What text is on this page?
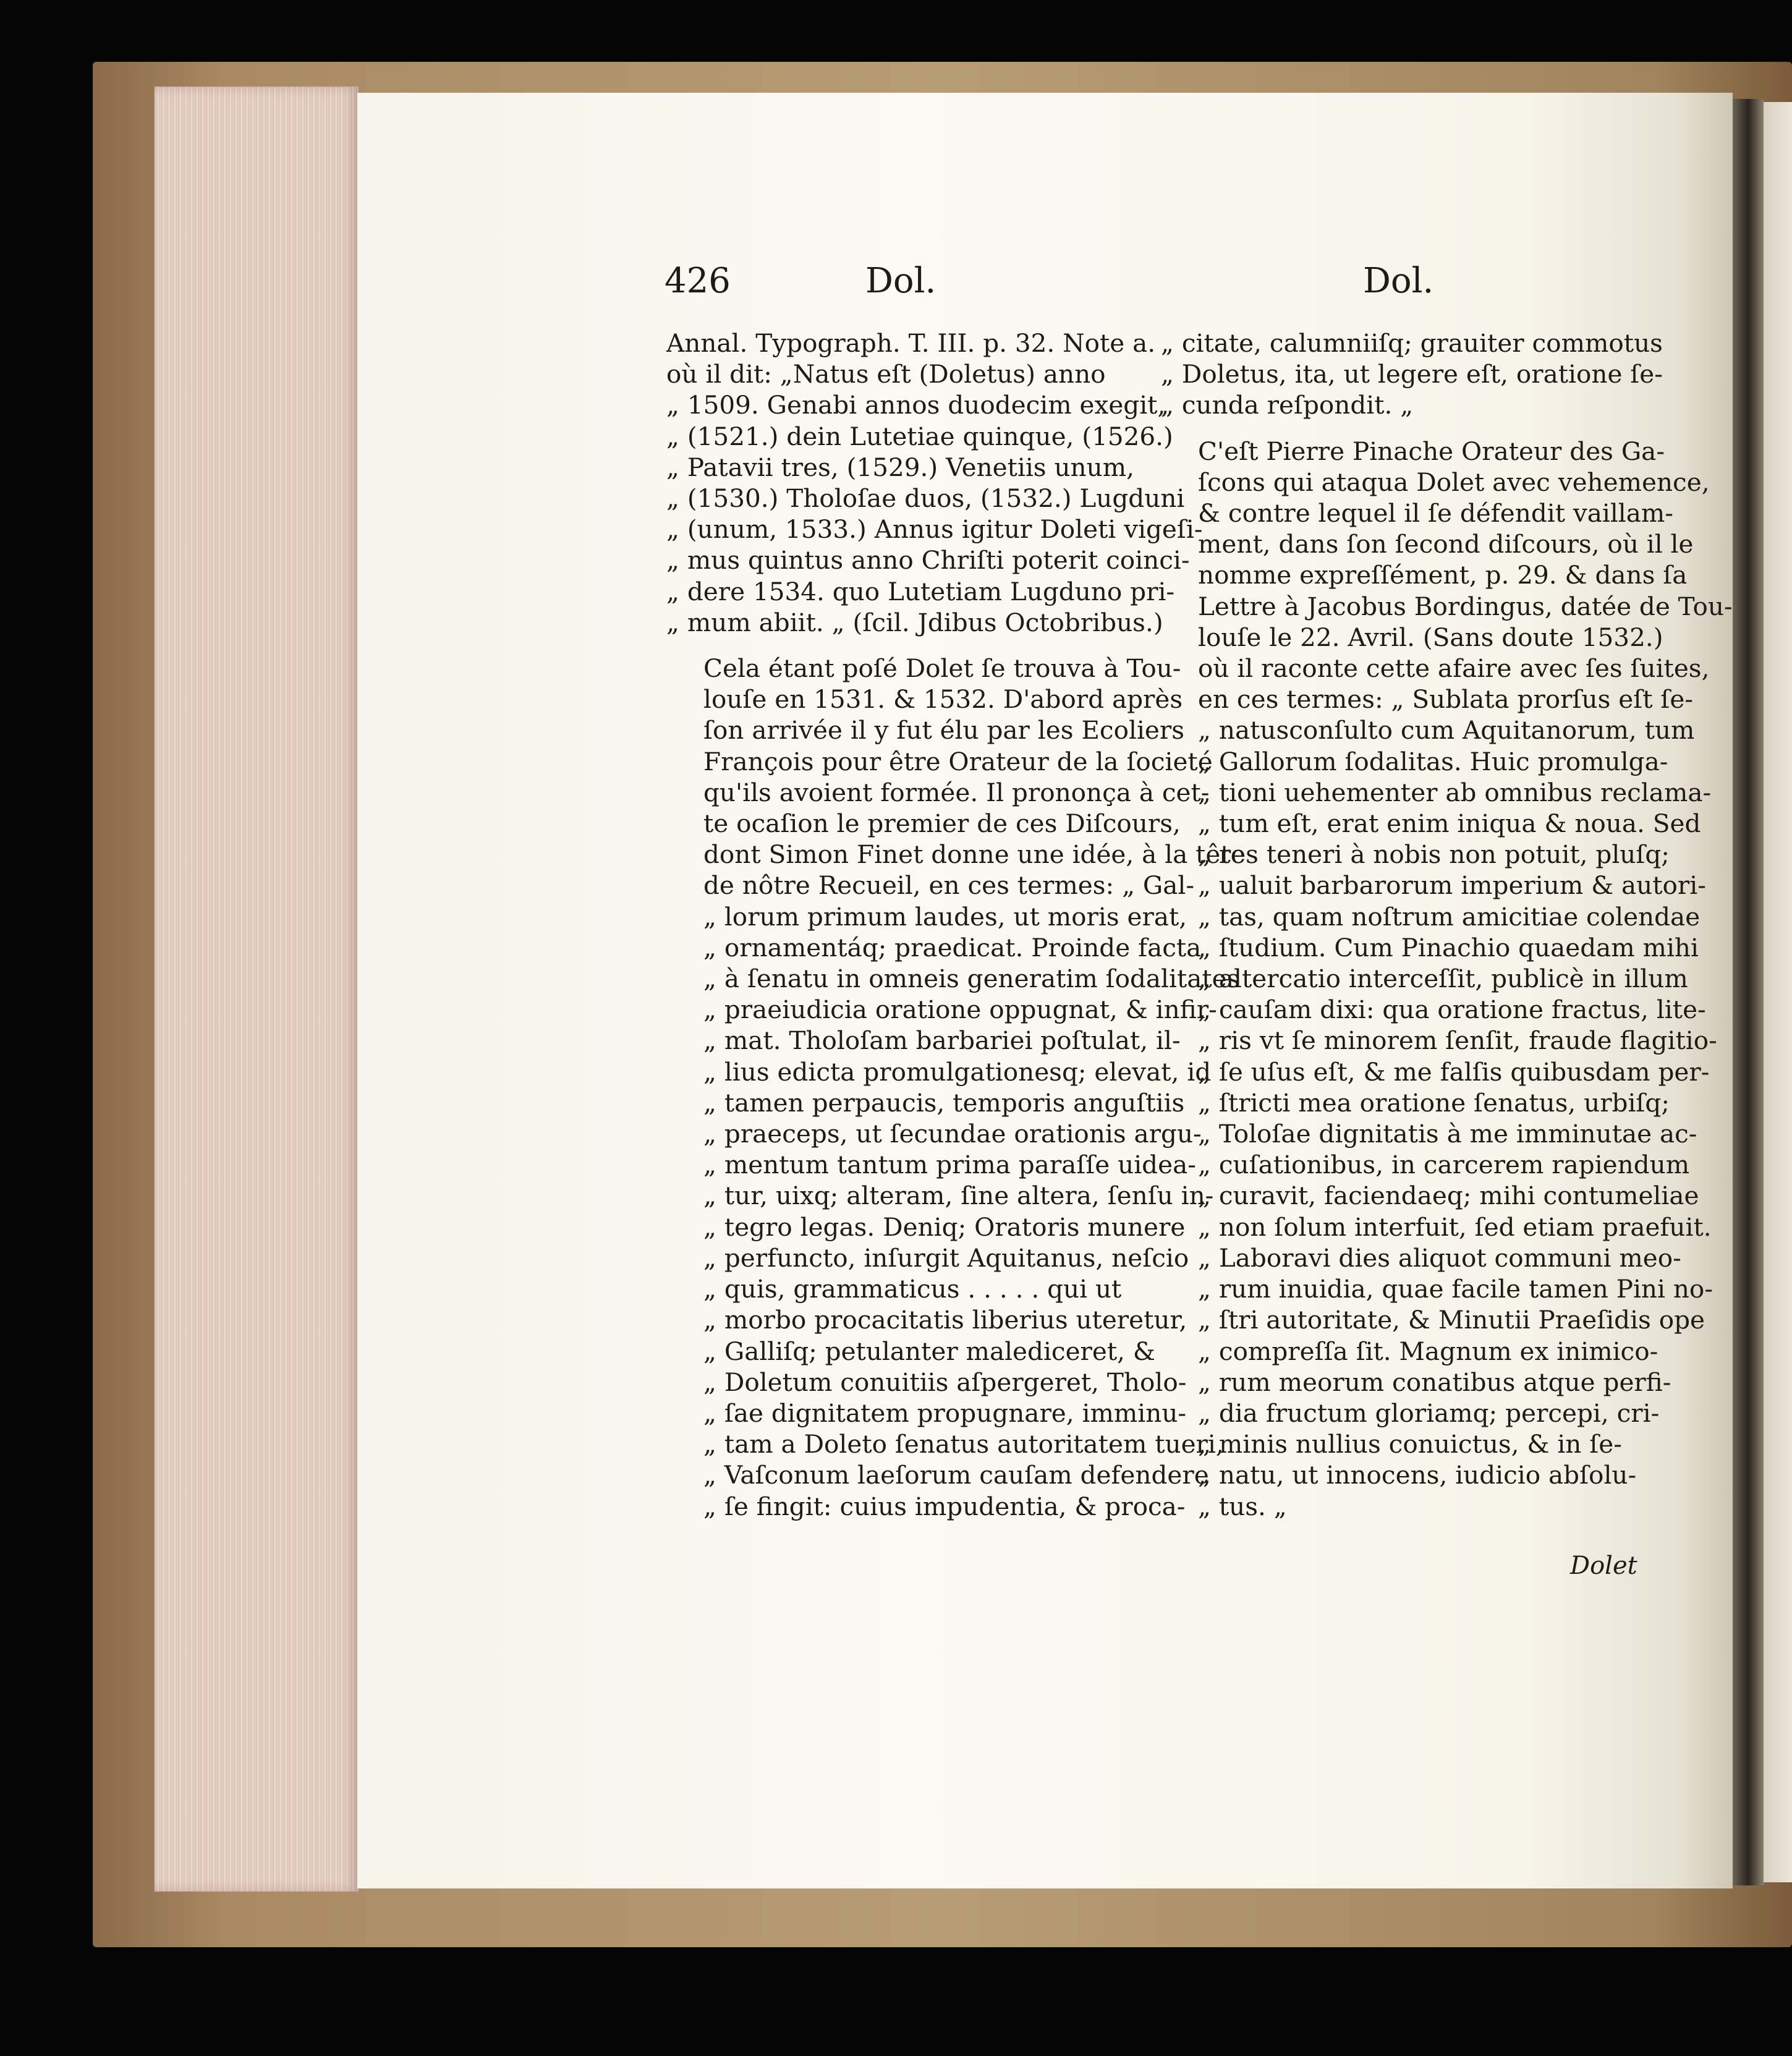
426	Dol.	Dol.

Annal. Typograph. T. III. p. 32. Note a.
où il dit: „Natus eſt (Doletus) anno
„ 1509. Genabi annos duodecim exegit,
„ (1521.) dein Lutetiae quinque, (1526.)
„ Patavii tres, (1529.) Venetiis unum,
„ (1530.) Tholoſae duos, (1532.) Lugduni
„ (unum, 1533.) Annus igitur Doleti vigeſi-
„ mus quintus anno Chriſti poterit coinci-
„ dere 1534. quo Lutetiam Lugduno pri-
„ mum abiit. „ (ſcil. Jdibus Octobribus.)

Cela étant poſé Dolet ſe trouva à Tou-
louſe en 1531. & 1532. D'abord après
ſon arrivée il y fut élu par les Ecoliers
François pour être Orateur de la ſocieté
qu'ils avoient formée. Il prononça à cet-
te ocaſion le premier de ces Diſcours,
dont Simon Finet donne une idée, à la tête
de nôtre Recueil, en ces termes: „ Gal-
„ lorum primum laudes, ut moris erat,
„ ornamentáq; praedicat. Proinde facta
„ à ſenatu in omneis generatim ſodalitates
„ praeiudicia oratione oppugnat, & infir-
„ mat. Tholoſam barbariei poſtulat, il-
„ lius edicta promulgationesq; elevat, id
„ tamen perpaucis, temporis anguſtiis
„ praeceps, ut ſecundae orationis argu-
„ mentum tantum prima paraſſe uidea-
„ tur, uixq; alteram, ſine altera, ſenſu in-
„ tegro legas. Deniq; Oratoris munere
„ perfuncto, inſurgit Aquitanus, neſcio
„ quis, grammaticus . . . . . qui ut
„ morbo procacitatis liberius uteretur,
„ Galliſq; petulanter malediceret, &
„ Doletum conuitiis aſpergeret, Tholo-
„ ſae dignitatem propugnare, imminu-
„ tam a Doleto ſenatus autoritatem tueri,
„ Vaſconum laeſorum cauſam defendere
„ ſe fingit: cuius impudentia, & proca-

„ citate, calumniiſq; grauiter commotus
„ Doletus, ita, ut legere eſt, oratione ſe-
„ cunda reſpondit. „

C'eſt Pierre Pinache Orateur des Ga-
ſcons qui ataqua Dolet avec vehemence,
& contre lequel il ſe défendit vaillam-
ment, dans ſon ſecond diſcours, où il le
nomme expreſſément, p. 29. & dans ſa
Lettre à Jacobus Bordingus, datée de Tou-
louſe le 22. Avril. (Sans doute 1532.)
où il raconte cette afaire avec ſes ſuites,
en ces termes: „ Sublata prorſus eſt ſe-
„ natusconſulto cum Aquitanorum, tum
„ Gallorum ſodalitas. Huic promulga-
„ tioni uehementer ab omnibus reclama-
„ tum eſt, erat enim iniqua & noua. Sed
„ res teneri à nobis non potuit, pluſq;
„ ualuit barbarorum imperium & autori-
„ tas, quam noſtrum amicitiae colendae
„ ſtudium. Cum Pinachio quaedam mihi
„ altercatio interceſſit, publicè in illum
„ cauſam dixi: qua oratione fractus, lite-
„ ris vt ſe minorem ſenſit, fraude flagitio-
„ ſe uſus eſt, & me falſis quibusdam per-
„ ſtricti mea oratione ſenatus, urbiſq;
„ Toloſae dignitatis à me imminutae ac-
„ cuſationibus, in carcerem rapiendum
„ curavit, faciendaeq; mihi contumeliae
„ non ſolum interfuit, ſed etiam praefuit.
„ Laboravi dies aliquot communi meo-
„ rum inuidia, quae facile tamen Pini no-
„ ſtri autoritate, & Minutii Praeſidis ope
„ compreſſa ſit. Magnum ex inimico-
„ rum meorum conatibus atque perfi-
„ dia fructum gloriamq; percepi, cri-
„ minis nullius conuictus, & in ſe-
„ natu, ut innocens, iudicio abſolu-
„ tus. „

Dolet
